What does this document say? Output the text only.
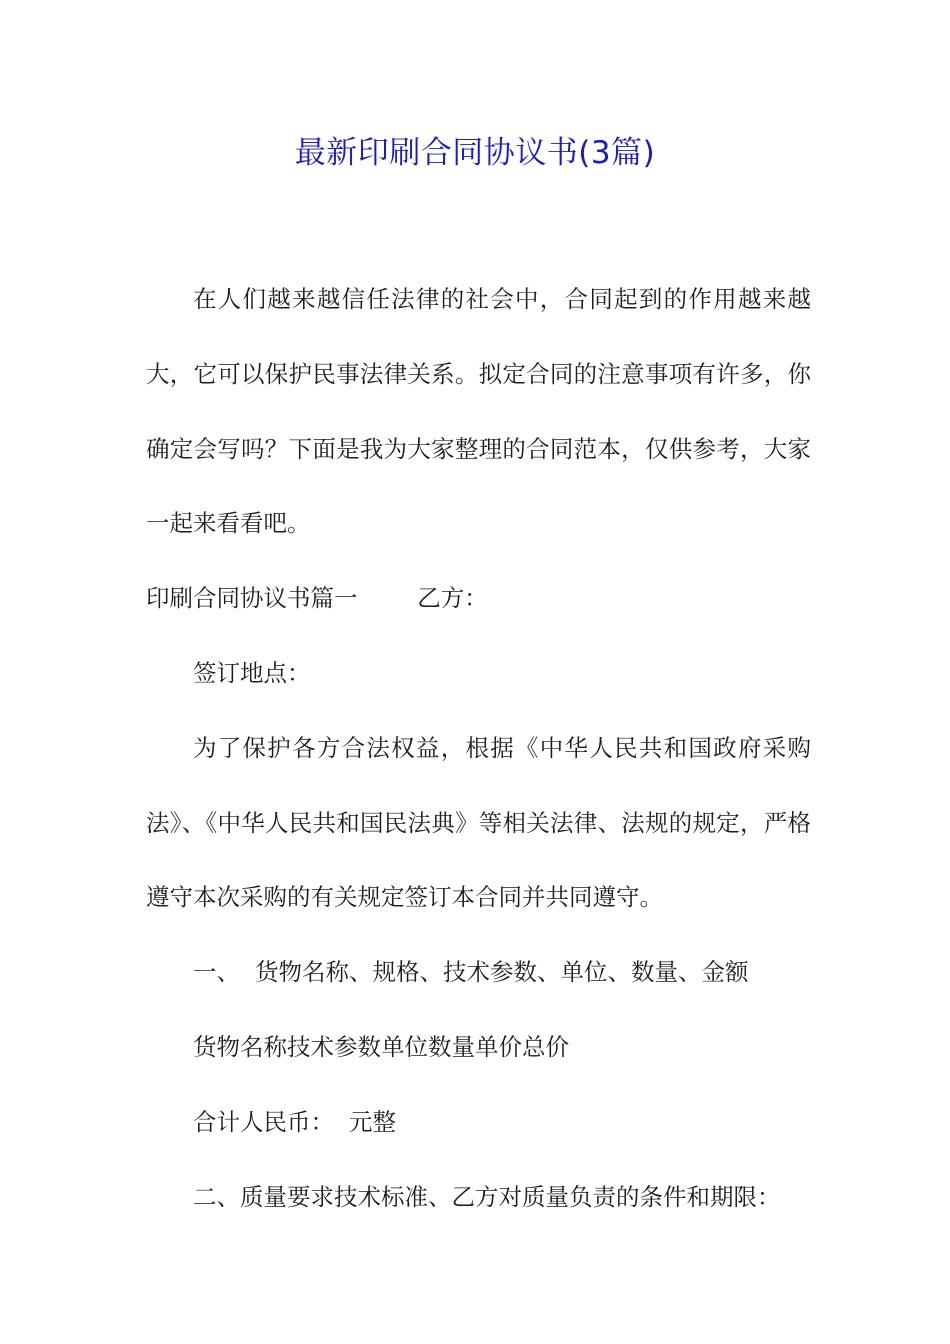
最新印刷合同协议书(3篇)

在人们越来越信任法律的社会中，合同起到的作用越来越大，它可以保护民事法律关系。拟定合同的注意事项有许多，你确定会写吗？下面是我为大家整理的合同范本，仅供参考，大家一起来看看吧。

印刷合同协议书篇一        乙方：

签订地点：

为了保护各方合法权益，根据《中华人民共和国政府采购法》、《中华人民共和国民法典》等相关法律、法规的规定，严格遵守本次采购的有关规定签订本合同并共同遵守。

一、  货物名称、规格、技术参数、单位、数量、金额

货物名称技术参数单位数量单价总价

合计人民币：  元整

二、质量要求技术标准、乙方对质量负责的条件和期限：
